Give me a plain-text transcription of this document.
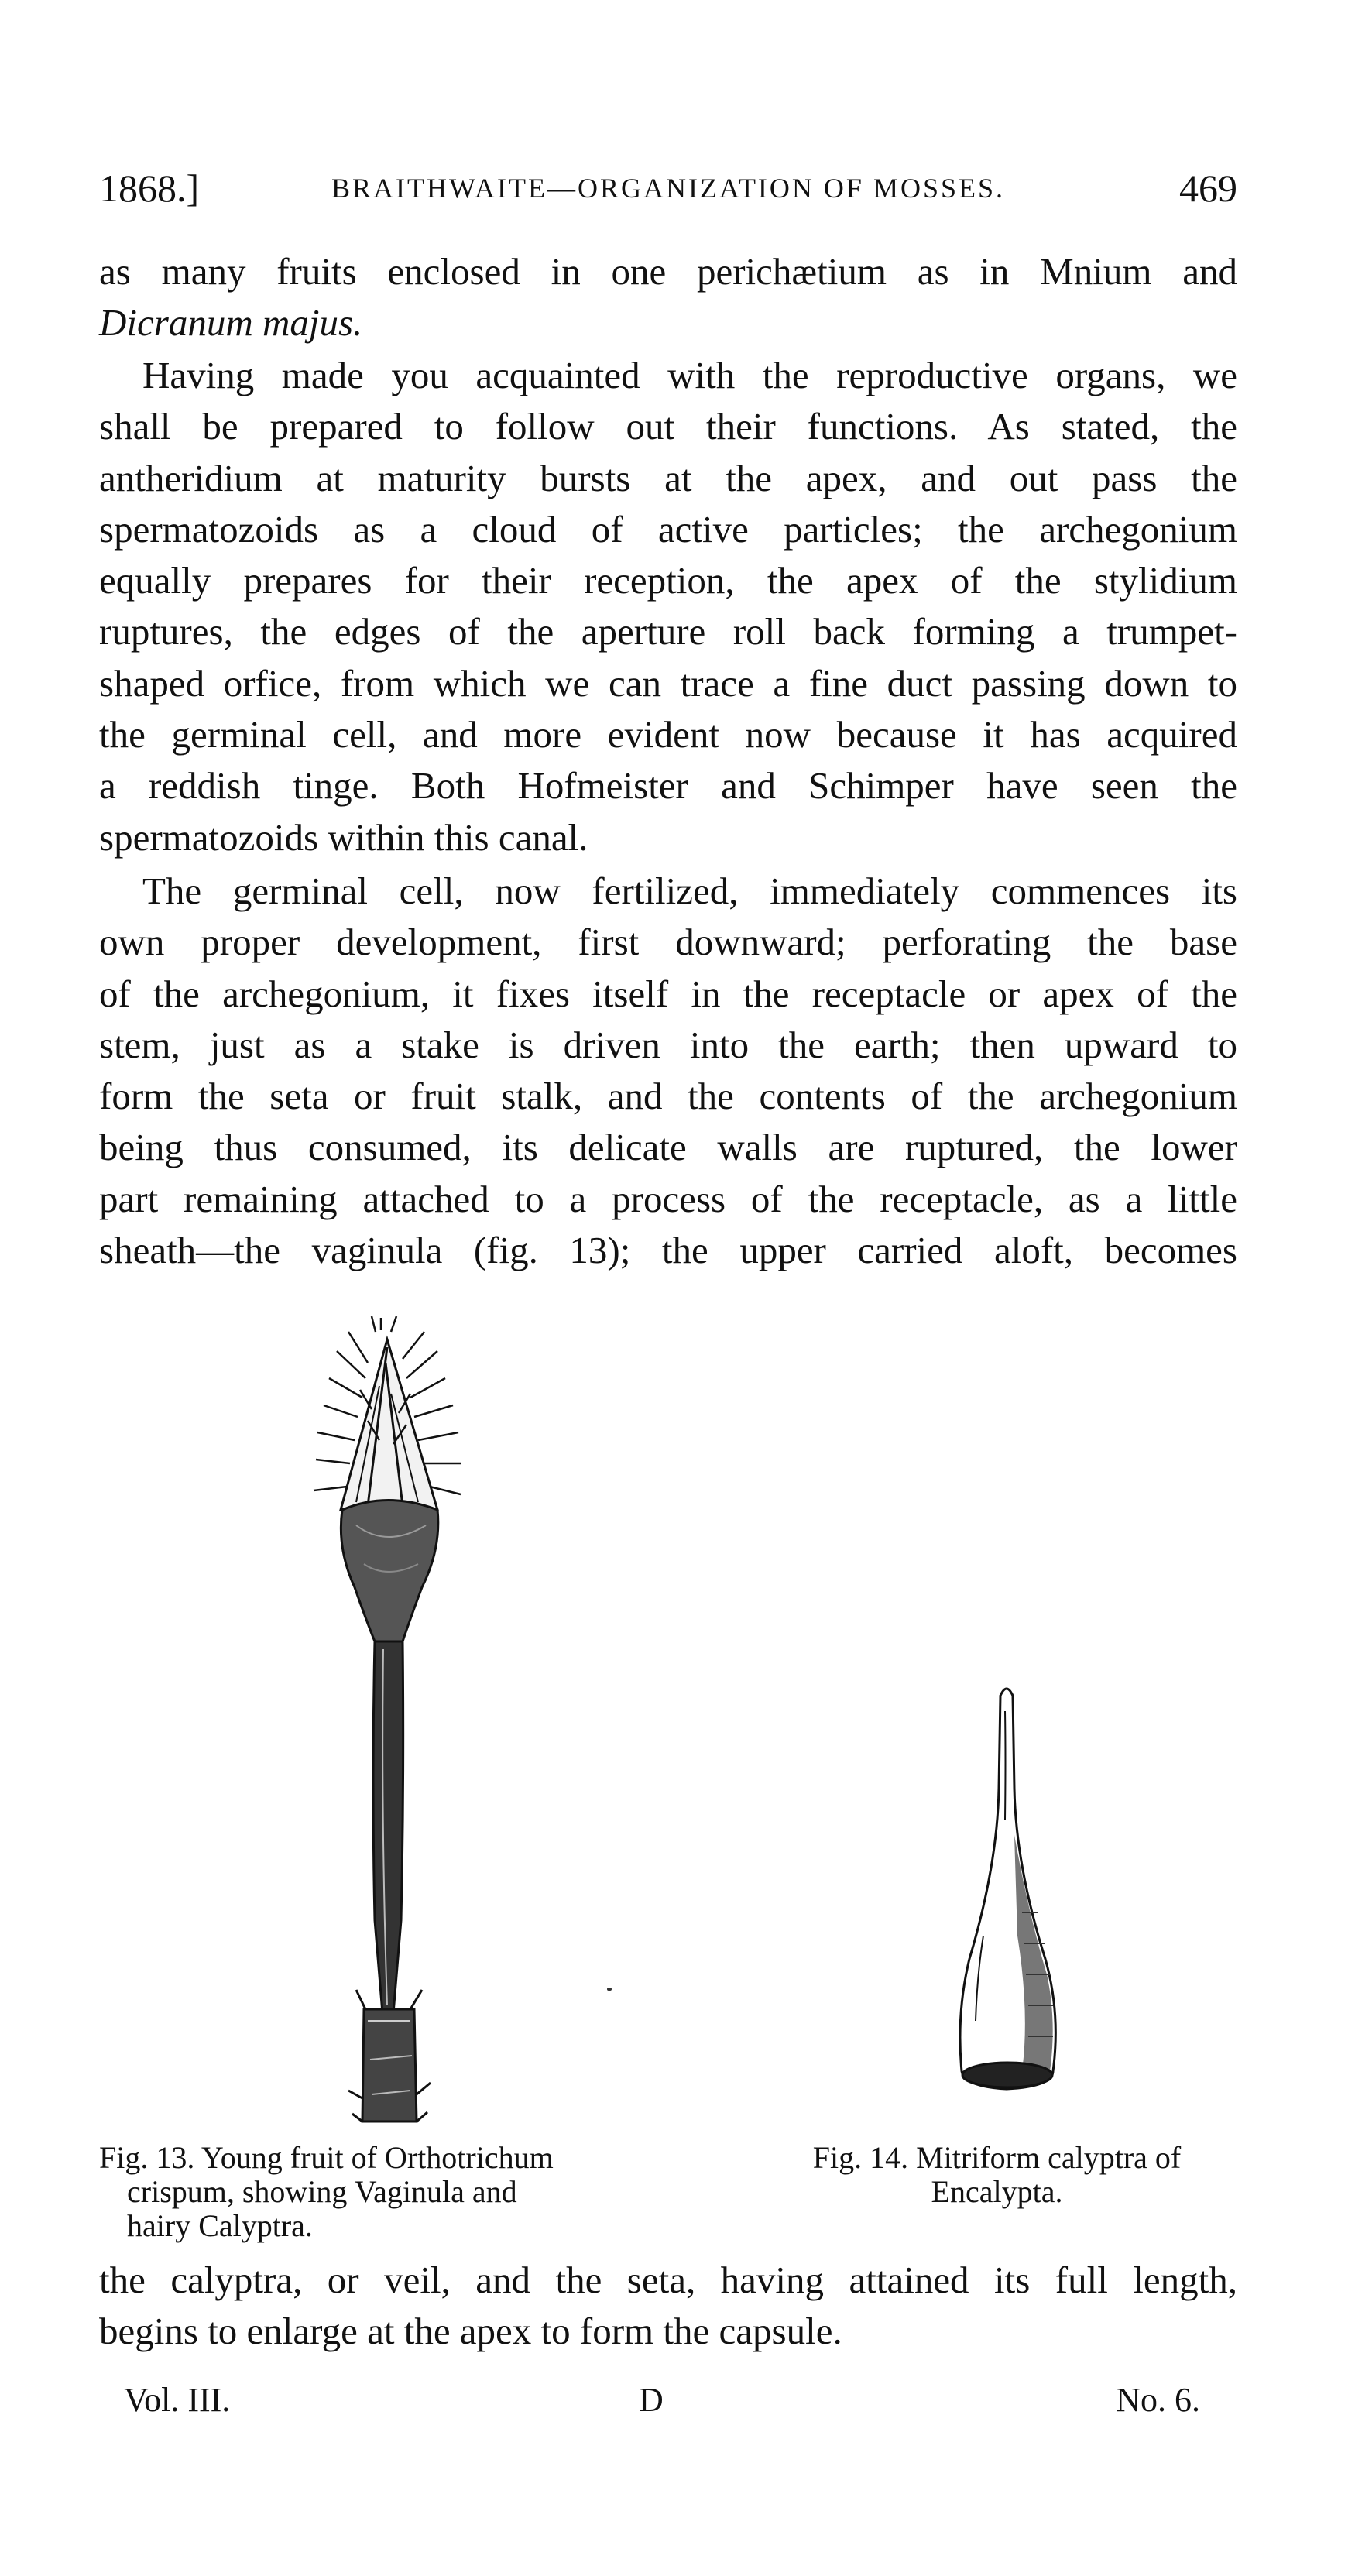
1868.]	BRAITHWAITE—ORGANIZATION OF MOSSES.	469
as many fruits enclosed in one perichætium as in Mnium and
Dicranum majus.
Having made you acquainted with the reproductive organs, we
shall be prepared to follow out their functions. As stated, the
antheridium at maturity bursts at the apex, and out pass the
spermatozoids as a cloud of active particles; the archegonium
equally prepares for their reception, the apex of the stylidium
ruptures, the edges of the aperture roll back forming a trumpet-
shaped orfice, from which we can trace a fine duct passing down to
the germinal cell, and more evident now because it has acquired
a reddish tinge. Both Hofmeister and Schimper have seen the
spermatozoids within this canal.
The germinal cell, now fertilized, immediately commences its
own proper development, first downward; perforating the base
of the archegonium, it fixes itself in the receptacle or apex of the
stem, just as a stake is driven into the earth; then upward to
form the seta or fruit stalk, and the contents of the archegonium
being thus consumed, its delicate walls are ruptured, the lower
part remaining attached to a process of the receptacle, as a little
sheath—the vaginula (fig. 13); the upper carried aloft, becomes
Fig. 13. Young fruit of Orthotrichum
crispum, showing Vaginula and
hairy Calyptra.
Fig. 14. Mitriform calyptra of
Encalypta.
the calyptra, or veil, and the seta, having attained its full length,
begins to enlarge at the apex to form the capsule.
Vol. III.	D	No. 6.
